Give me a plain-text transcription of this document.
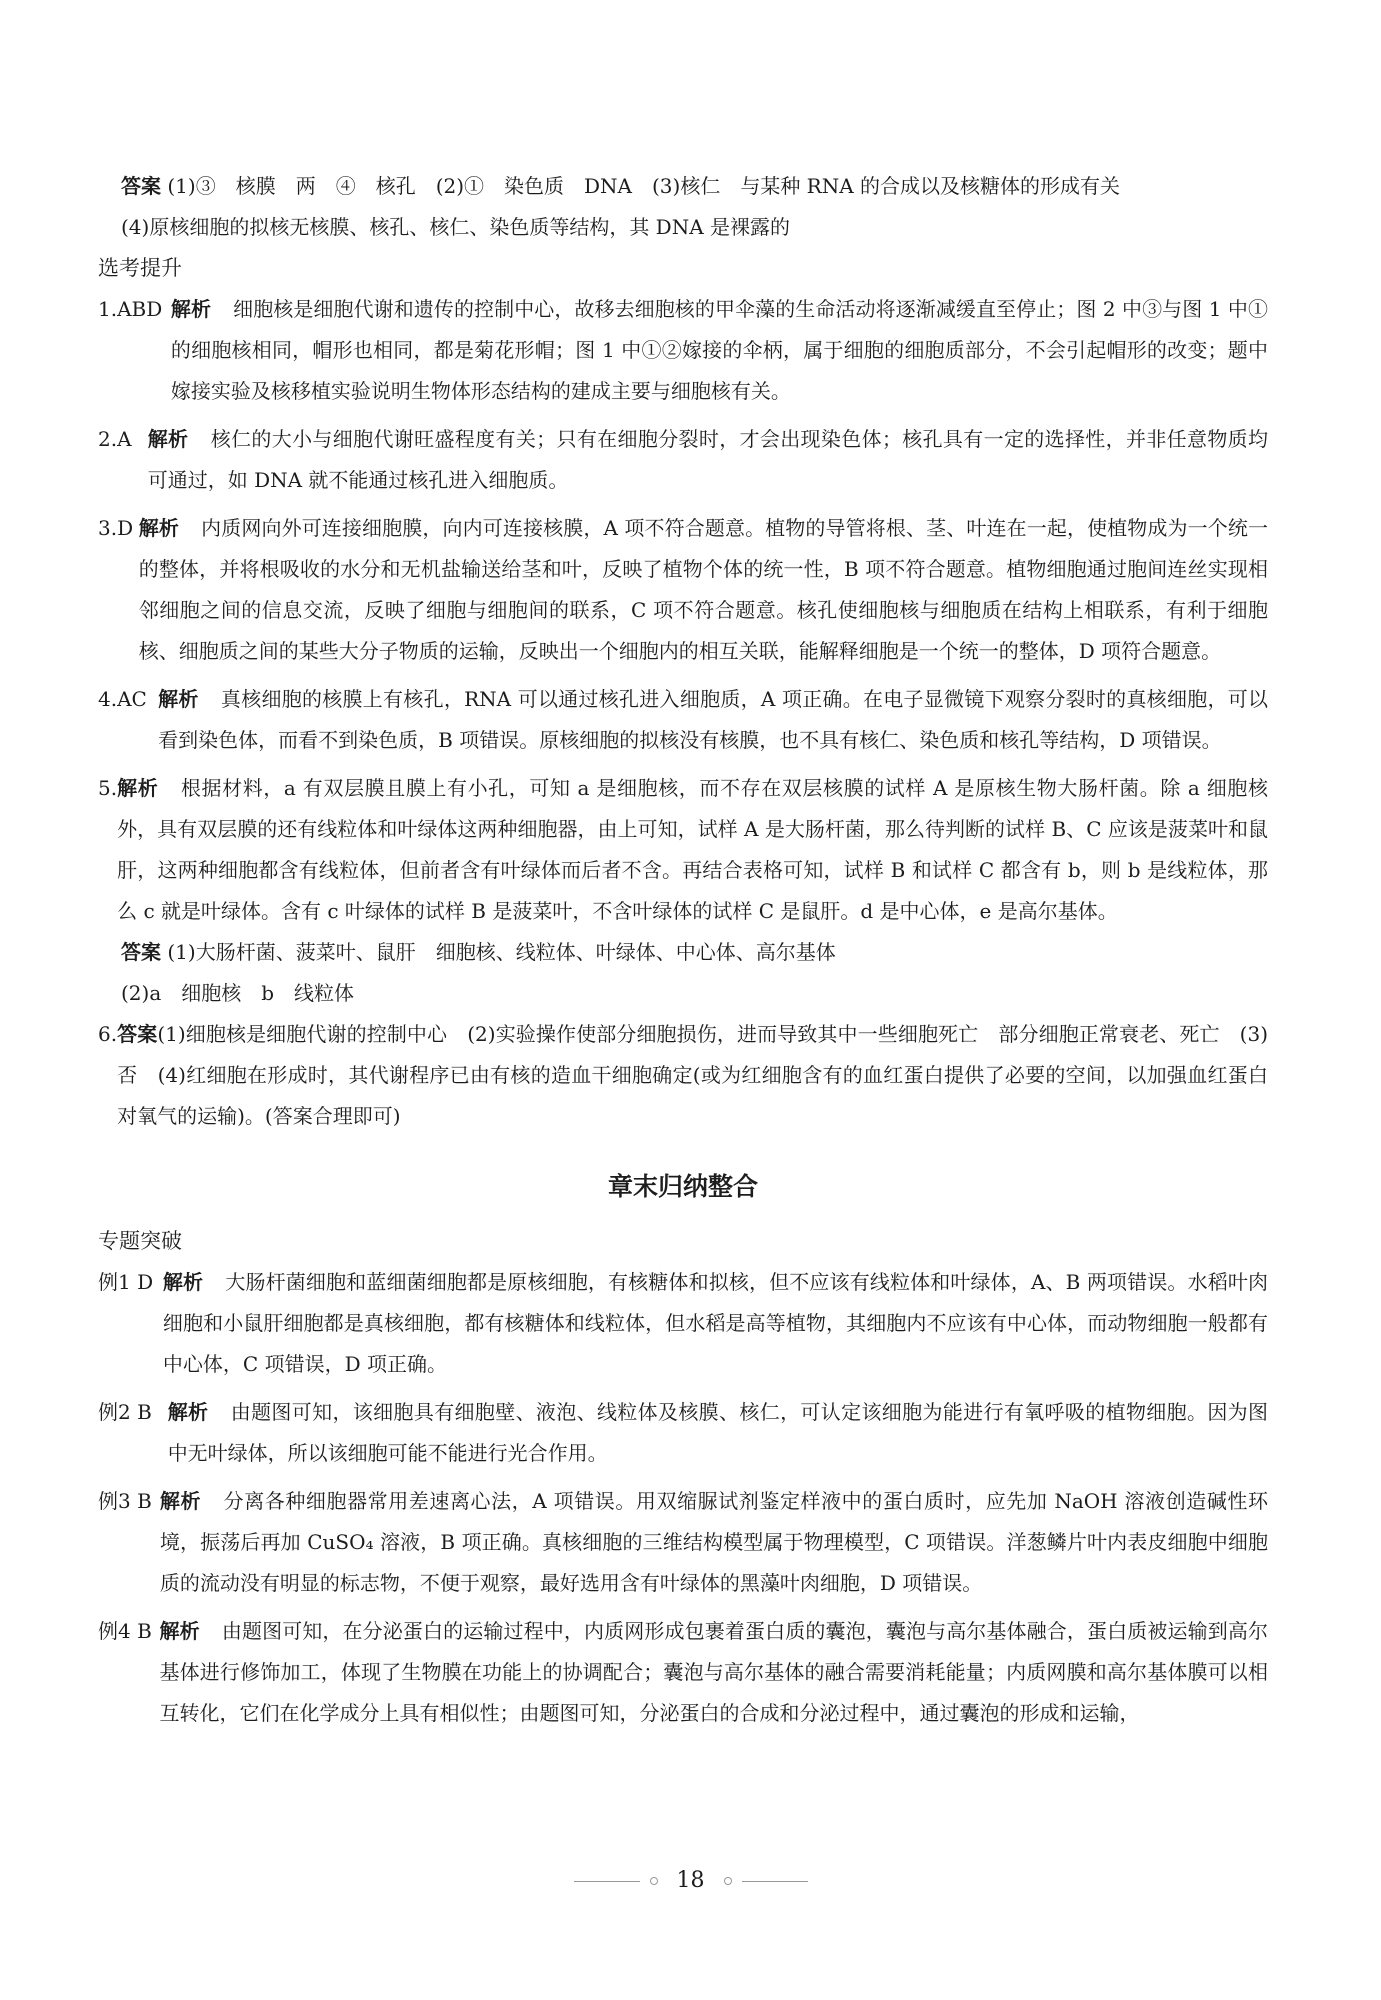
答案 (1)③　核膜　两　④　核孔　(2)①　染色质　DNA　(3)核仁　与某种 RNA 的合成以及核糖体的形成有关
(4)原核细胞的拟核无核膜、核孔、核仁、染色质等结构，其 DNA 是裸露的
选考提升
1.ABD 解析 细胞核是细胞代谢和遗传的控制中心，故移去细胞核的甲伞藻的生命活动将逐渐减缓直至停止；图 2 中③与图 1 中①的细胞核相同，帽形也相同，都是菊花形帽；图 1 中①②嫁接的伞柄，属于细胞的细胞质部分，不会引起帽形的改变；题中嫁接实验及核移植实验说明生物体形态结构的建成主要与细胞核有关。
2.A 解析 核仁的大小与细胞代谢旺盛程度有关；只有在细胞分裂时，才会出现染色体；核孔具有一定的选择性，并非任意物质均可通过，如 DNA 就不能通过核孔进入细胞质。
3.D 解析 内质网向外可连接细胞膜，向内可连接核膜，A 项不符合题意。植物的导管将根、茎、叶连在一起，使植物成为一个统一的整体，并将根吸收的水分和无机盐输送给茎和叶，反映了植物个体的统一性，B 项不符合题意。植物细胞通过胞间连丝实现相邻细胞之间的信息交流，反映了细胞与细胞间的联系，C 项不符合题意。核孔使细胞核与细胞质在结构上相联系，有利于细胞核、细胞质之间的某些大分子物质的运输，反映出一个细胞内的相互关联，能解释细胞是一个统一的整体，D 项符合题意。
4.AC 解析 真核细胞的核膜上有核孔，RNA 可以通过核孔进入细胞质，A 项正确。在电子显微镜下观察分裂时的真核细胞，可以看到染色体，而看不到染色质，B 项错误。原核细胞的拟核没有核膜，也不具有核仁、染色质和核孔等结构，D 项错误。
5. 解析 根据材料，a 有双层膜且膜上有小孔，可知 a 是细胞核，而不存在双层核膜的试样 A 是原核生物大肠杆菌。除 a 细胞核外，具有双层膜的还有线粒体和叶绿体这两种细胞器，由上可知，试样 A 是大肠杆菌，那么待判断的试样 B、C 应该是菠菜叶和鼠肝，这两种细胞都含有线粒体，但前者含有叶绿体而后者不含。再结合表格可知，试样 B 和试样 C 都含有 b，则 b 是线粒体，那么 c 就是叶绿体。含有 c 叶绿体的试样 B 是菠菜叶，不含叶绿体的试样 C 是鼠肝。d 是中心体，e 是高尔基体。
答案 (1)大肠杆菌、菠菜叶、鼠肝　细胞核、线粒体、叶绿体、中心体、高尔基体
(2)a　细胞核　b　线粒体
6. 答案(1)细胞核是细胞代谢的控制中心　(2)实验操作使部分细胞损伤，进而导致其中一些细胞死亡　部分细胞正常衰老、死亡　(3)否　(4)红细胞在形成时，其代谢程序已由有核的造血干细胞确定(或为红细胞含有的血红蛋白提供了必要的空间，以加强血红蛋白对氧气的运输)。(答案合理即可)
章末归纳整合
专题突破
例1 D 解析 大肠杆菌细胞和蓝细菌细胞都是原核细胞，有核糖体和拟核，但不应该有线粒体和叶绿体，A、B 两项错误。水稻叶肉细胞和小鼠肝细胞都是真核细胞，都有核糖体和线粒体，但水稻是高等植物，其细胞内不应该有中心体，而动物细胞一般都有中心体，C 项错误，D 项正确。
例2 B 解析 由题图可知，该细胞具有细胞壁、液泡、线粒体及核膜、核仁，可认定该细胞为能进行有氧呼吸的植物细胞。因为图中无叶绿体，所以该细胞可能不能进行光合作用。
例3 B 解析 分离各种细胞器常用差速离心法，A 项错误。用双缩脲试剂鉴定样液中的蛋白质时，应先加 NaOH 溶液创造碱性环境，振荡后再加 CuSO₄ 溶液，B 项正确。真核细胞的三维结构模型属于物理模型，C 项错误。洋葱鳞片叶内表皮细胞中细胞质的流动没有明显的标志物，不便于观察，最好选用含有叶绿体的黑藻叶肉细胞，D 项错误。
例4 B 解析 由题图可知，在分泌蛋白的运输过程中，内质网形成包裹着蛋白质的囊泡，囊泡与高尔基体融合，蛋白质被运输到高尔基体进行修饰加工，体现了生物膜在功能上的协调配合；囊泡与高尔基体的融合需要消耗能量；内质网膜和高尔基体膜可以相互转化，它们在化学成分上具有相似性；由题图可知，分泌蛋白的合成和分泌过程中，通过囊泡的形成和运输，
18
